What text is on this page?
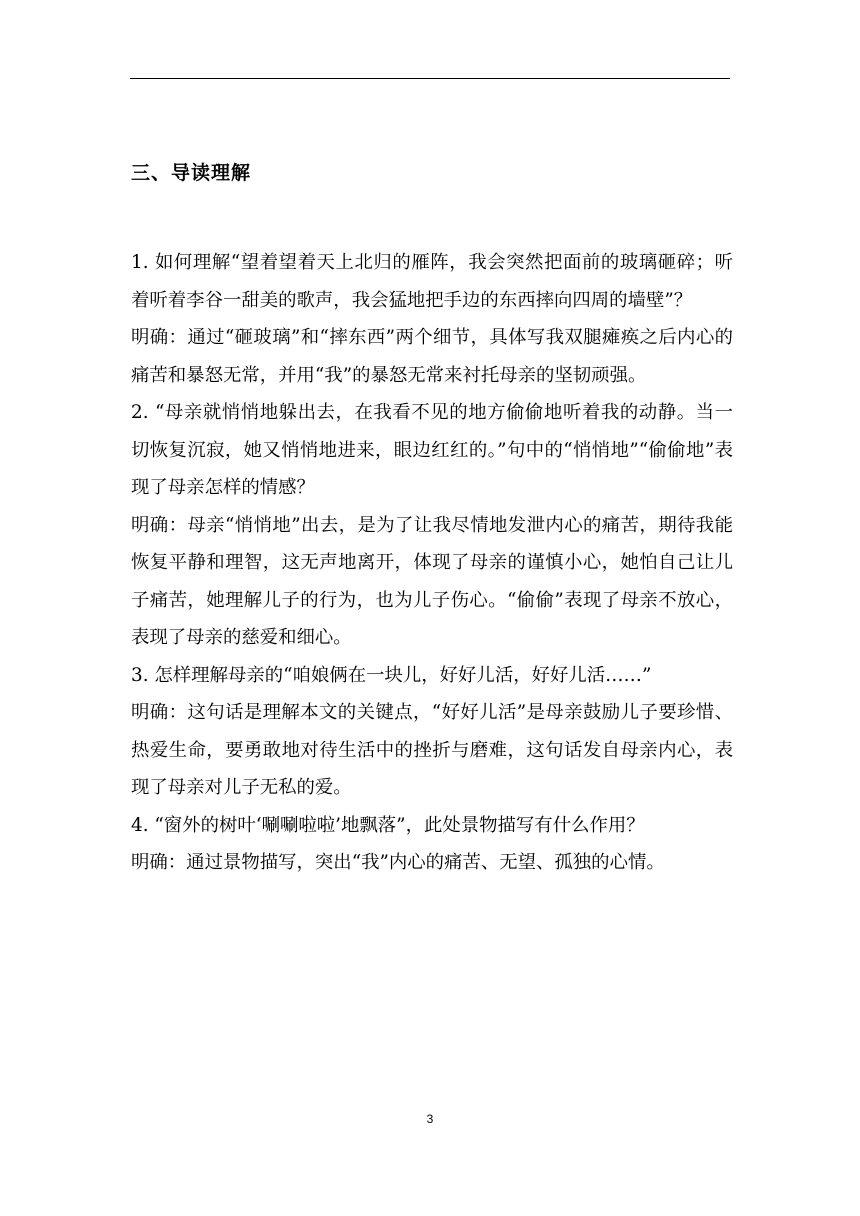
三、导读理解

1. 如何理解“望着望着天上北归的雁阵，我会突然把面前的玻璃砸碎；听着听着李谷一甜美的歌声，我会猛地把手边的东西摔向四周的墙壁”？

明确：通过“砸玻璃”和“摔东西”两个细节，具体写我双腿瘫痪之后内心的痛苦和暴怒无常，并用“我”的暴怒无常来衬托母亲的坚韧顽强。

2. “母亲就悄悄地躲出去，在我看不见的地方偷偷地听着我的动静。当一切恢复沉寂，她又悄悄地进来，眼边红红的。”句中的“悄悄地”“偷偷地”表现了母亲怎样的情感？

明确：母亲“悄悄地”出去，是为了让我尽情地发泄内心的痛苦，期待我能恢复平静和理智，这无声地离开，体现了母亲的谨慎小心，她怕自己让儿子痛苦，她理解儿子的行为，也为儿子伤心。“偷偷”表现了母亲不放心，表现了母亲的慈爱和细心。

3. 怎样理解母亲的“咱娘俩在一块儿，好好儿活，好好儿活……”

明确：这句话是理解本文的关键点，“好好儿活”是母亲鼓励儿子要珍惜、热爱生命，要勇敢地对待生活中的挫折与磨难，这句话发自母亲内心，表现了母亲对儿子无私的爱。

4. “窗外的树叶‘唰唰啦啦’地飘落”，此处景物描写有什么作用？

明确：通过景物描写，突出“我”内心的痛苦、无望、孤独的心情。

3
